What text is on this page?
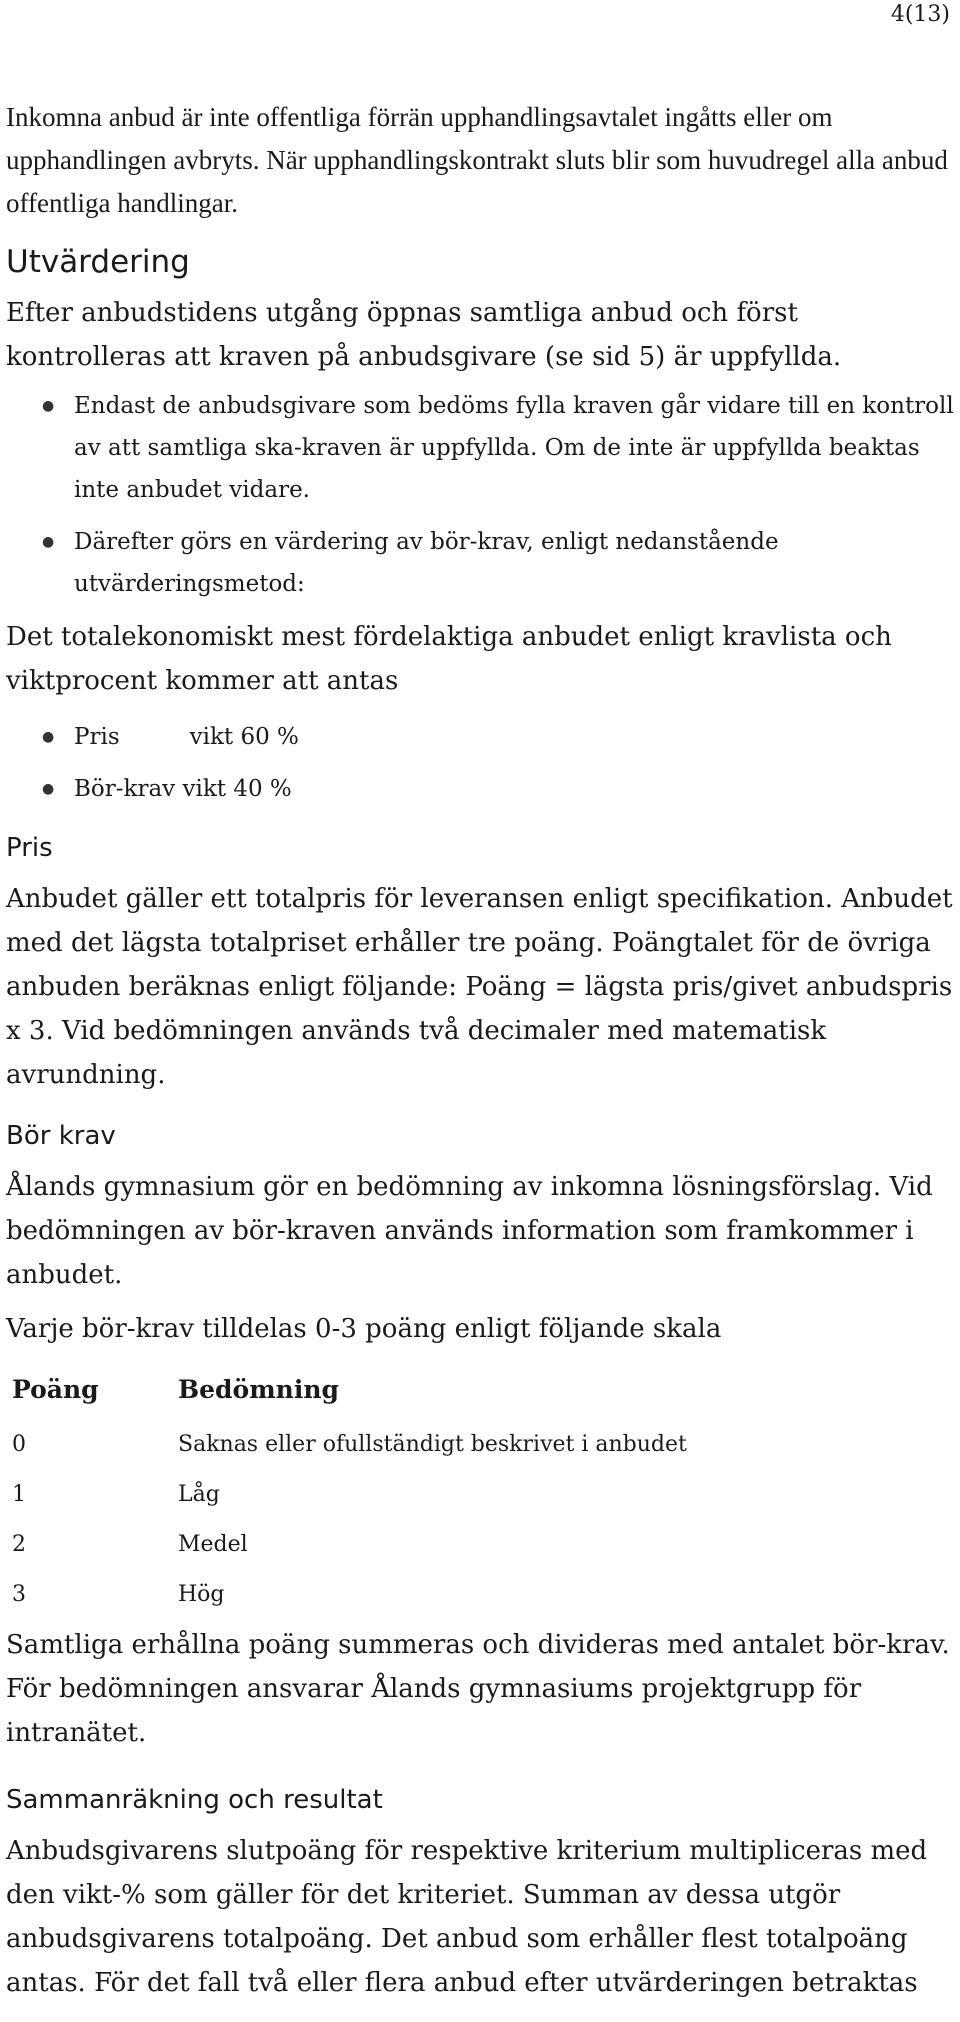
4(13)

Inkomna anbud är inte offentliga förrän upphandlingsavtalet ingåtts eller om upphandlingen avbryts. När upphandlingskontrakt sluts blir som huvudregel alla anbud offentliga handlingar.

Utvärdering

Efter anbudstidens utgång öppnas samtliga anbud och först kontrolleras att kraven på anbudsgivare (se sid 5) är uppfyllda.

● Endast de anbudsgivare som bedöms fylla kraven går vidare till en kontroll av att samtliga ska-kraven är uppfyllda. Om de inte är uppfyllda beaktas inte anbudet vidare.
● Därefter görs en värdering av bör-krav, enligt nedanstående utvärderingsmetod:

Det totalekonomiskt mest fördelaktiga anbudet enligt kravlista och viktprocent kommer att antas

● Pris	vikt 60 %
● Bör-krav vikt 40 %
Pris

Anbudet gäller ett totalpris för leveransen enligt specifikation. Anbudet med det lägsta totalpriset erhåller tre poäng. Poängtalet för de övriga anbuden beräknas enligt följande: Poäng = lägsta pris/givet anbudspris x 3. Vid bedömningen används två decimaler med matematisk avrundning.

Bör krav

Ålands gymnasium gör en bedömning av inkomna lösningsförslag. Vid bedömningen av bör-kraven används information som framkommer i anbudet.

Varje bör-krav tilldelas 0-3 poäng enligt följande skala

Poäng	Bedömning
0	Saknas eller ofullständigt beskrivet i anbudet
1	Låg
2	Medel
3	Hög

Samtliga erhållna poäng summeras och divideras med antalet bör-krav. För bedömningen ansvarar Ålands gymnasiums projektgrupp för intranätet.

Sammanräkning och resultat

Anbudsgivarens slutpoäng för respektive kriterium multipliceras med den vikt-% som gäller för det kriteriet. Summan av dessa utgör anbudsgivarens totalpoäng. Det anbud som erhåller flest totalpoäng antas. För det fall två eller flera anbud efter utvärderingen betraktas
